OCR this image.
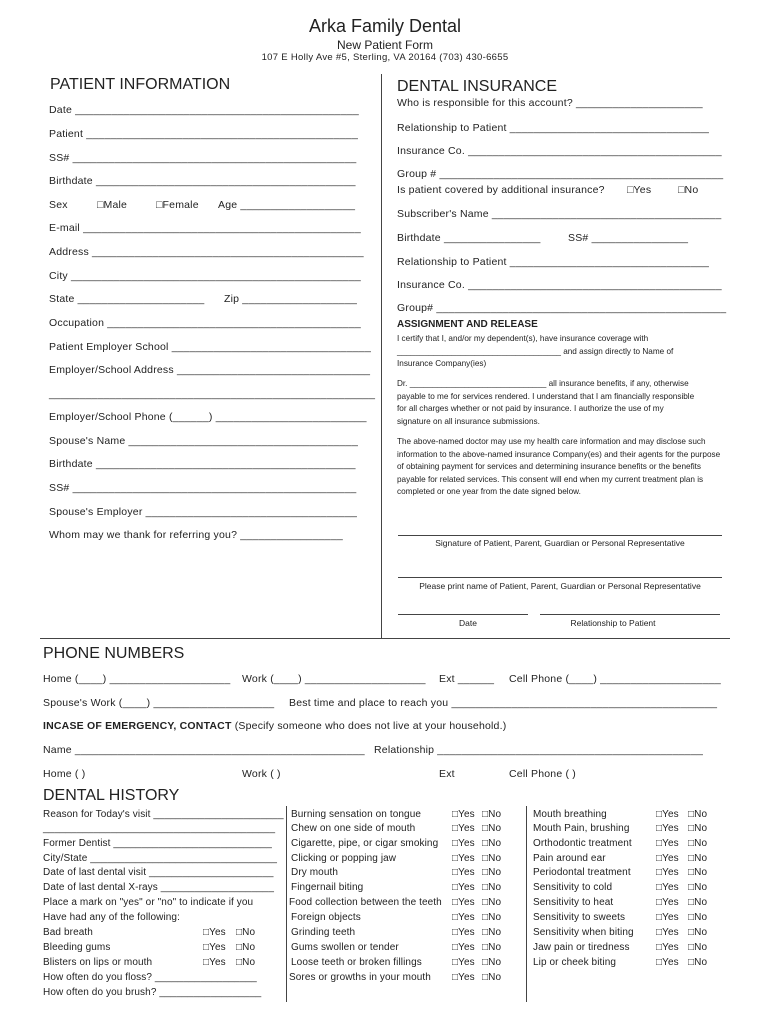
Arka Family Dental
New Patient Form
107 E Holly Ave #5, Sterling, VA 20164 (703) 430-6655
PATIENT INFORMATION
Date _______________________________________________
Patient _____________________________________________
SS# _______________________________________________
Birthdate ___________________________________________
Sex	□Male	□Female Age ___________________
E-mail ______________________________________________
Address _____________________________________________
City ________________________________________________
State _____________________ Zip ___________________
Occupation __________________________________________
Patient Employer School _________________________________
Employer/School Address ________________________________
______________________________________________________
Employer/School Phone (______) _________________________
Spouse's Name ______________________________________
Birthdate ___________________________________________
SS# _______________________________________________
Spouse's Employer ___________________________________
Whom may we thank for referring you? _________________
DENTAL INSURANCE
Who is responsible for this account? _____________________
Relationship to Patient _________________________________
Insurance Co. __________________________________________
Group # _______________________________________________
Is patient covered by additional insurance? □Yes	□No
Subscriber's Name ______________________________________
Birthdate ________________	SS# ________________
Relationship to Patient _________________________________
Insurance Co. __________________________________________
Group# ________________________________________________
ASSIGNMENT AND RELEASE
I certify that I, and/or my dependent(s), have insurance coverage with ____________________________________ and assign directly to Name of Insurance Company(ies)
Dr. ______________________________ all insurance benefits, if any, otherwise payable to me for services rendered. I understand that I am financially responsible for all charges whether or not paid by insurance. I authorize the use of my signature on all insurance submissions.
The above-named doctor may use my health care information and may disclose such information to the above-named insurance Company(es) and their agents for the purpose of obtaining payment for services and determining insurance benefits or the benefits payable for related services. This consent will end when my current treatment plan is completed or one year from the date signed below.
Signature of Patient, Parent, Guardian or Personal Representative
Please print name of Patient, Parent, Guardian or Personal Representative
Date	Relationship to Patient
PHONE NUMBERS
Home (____) ____________________ Work (____) ____________________ Ext ______ Cell Phone (____) ____________________
Spouse's Work (____) ____________________ Best time and place to reach you ____________________________________________
INCASE OF EMERGENCY, CONTACT (Specify someone who does not live at your household.)
Name ________________________________________________ Relationship ____________________________________________
Home ( )	Work ( )	Ext	Cell Phone ( )
DENTAL HISTORY
Reason for Today's visit _______________________
_________________________________________
Former Dentist ____________________________
City/State _________________________________
Date of last dental visit ______________________
Date of last dental X-rays ____________________
Place a mark on "yes" or "no" to indicate if you
Have had any of the following:
Bad breath	□Yes □No
Bleeding gums	□Yes □No
Blisters on lips or mouth	□Yes □No
How often do you floss? __________________
How often do you brush? __________________
Burning sensation on tongue	□Yes □No
Chew on one side of mouth	□Yes □No
Cigarette, pipe, or cigar smoking □Yes □No
Clicking or popping jaw	□Yes □No
Dry mouth	□Yes □No
Fingernail biting	□Yes □No
Food collection between the teeth □Yes □No
Foreign objects	□Yes □No
Grinding teeth	□Yes □No
Gums swollen or tender	□Yes □No
Loose teeth or broken fillings	□Yes □No
Sores or growths in your mouth □Yes □No
Mouth breathing	□Yes □No
Mouth Pain, brushing	□Yes □No
Orthodontic treatment □Yes □No
Pain around ear	□Yes □No
Periodontal treatment	□Yes □No
Sensitivity to cold	□Yes □No
Sensitivity to heat	□Yes □No
Sensitivity to sweets	□Yes □No
Sensitivity when biting □Yes □No
Jaw pain or tiredness	□Yes □No
Lip or cheek biting	□Yes □No
